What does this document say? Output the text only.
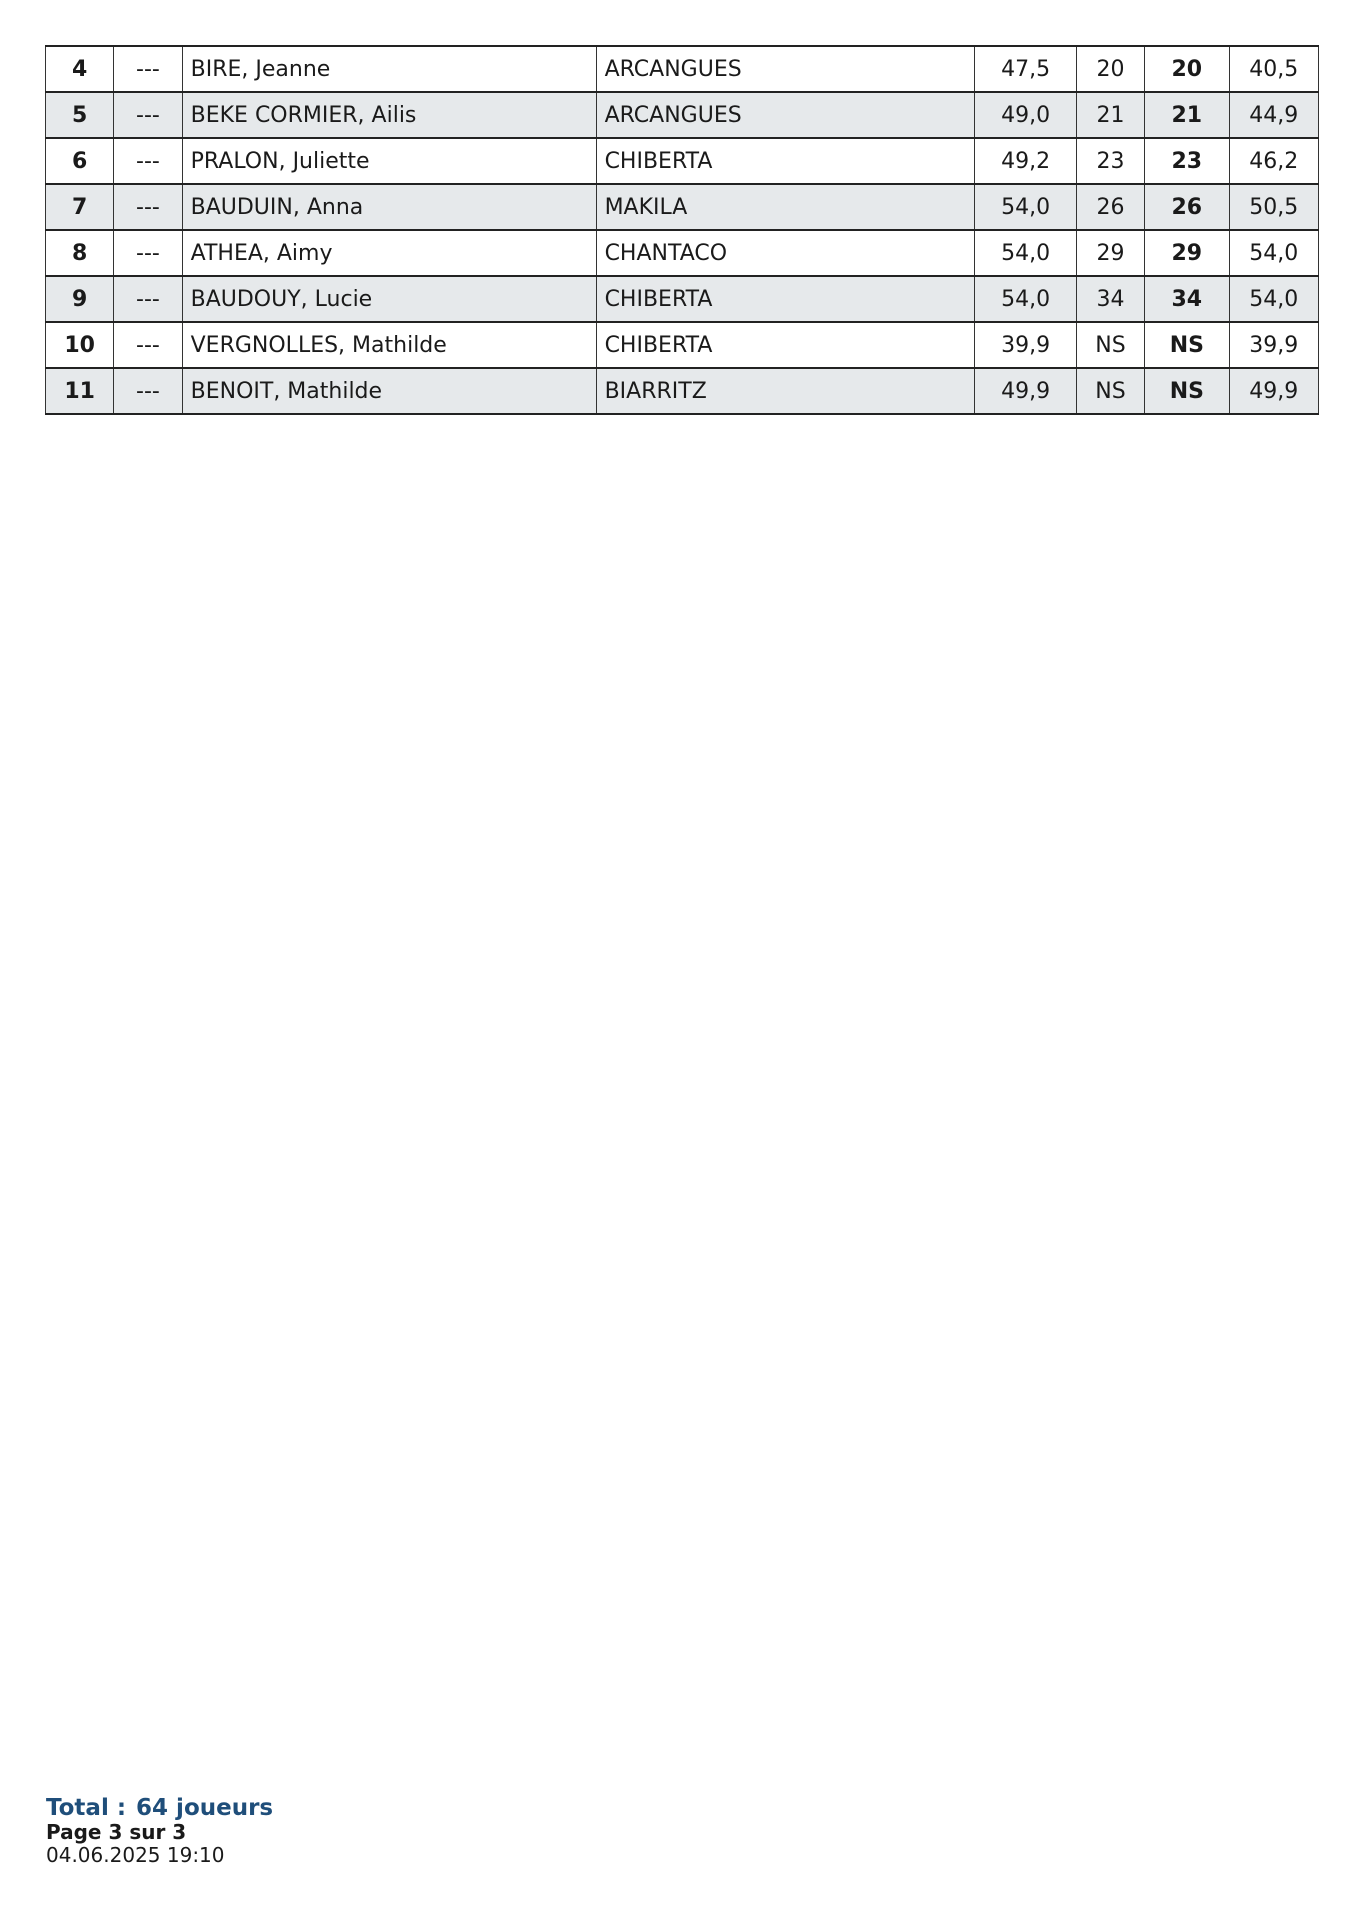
4	---	BIRE, Jeanne	ARCANGUES	47,5	20	20	40,5
5	---	BEKE CORMIER, Ailis	ARCANGUES	49,0	21	21	44,9
6	---	PRALON, Juliette	CHIBERTA	49,2	23	23	46,2
7	---	BAUDUIN, Anna	MAKILA	54,0	26	26	50,5
8	---	ATHEA, Aimy	CHANTACO	54,0	29	29	54,0
9	---	BAUDOUY, Lucie	CHIBERTA	54,0	34	34	54,0
10	---	VERGNOLLES, Mathilde	CHIBERTA	39,9	NS	NS	39,9
11	---	BENOIT, Mathilde	BIARRITZ	49,9	NS	NS	49,9
Total : 64 joueurs
Page 3 sur 3
04.06.2025 19:10
